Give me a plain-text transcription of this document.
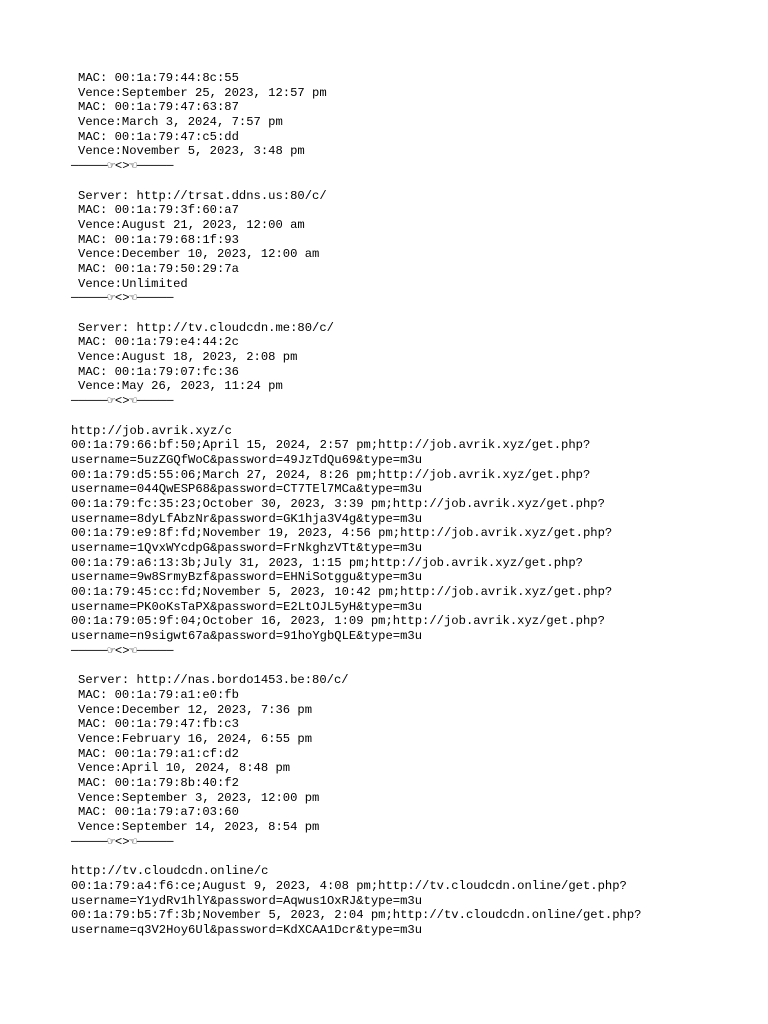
MAC: 00:1a:79:44:8c:55
Vence:September 25, 2023, 12:57 pm
MAC: 00:1a:79:47:63:87
Vence:March 3, 2024, 7:57 pm
MAC: 00:1a:79:47:c5:dd
Vence:November 5, 2023, 3:48 pm
─────☞<>☜─────
Server: http://trsat.ddns.us:80/c/
MAC: 00:1a:79:3f:60:a7
Vence:August 21, 2023, 12:00 am
MAC: 00:1a:79:68:1f:93
Vence:December 10, 2023, 12:00 am
MAC: 00:1a:79:50:29:7a
Vence:Unlimited
─────☞<>☜─────
Server: http://tv.cloudcdn.me:80/c/
MAC: 00:1a:79:e4:44:2c
Vence:August 18, 2023, 2:08 pm
MAC: 00:1a:79:07:fc:36
Vence:May 26, 2023, 11:24 pm
─────☞<>☜─────
http://job.avrik.xyz/c
00:1a:79:66:bf:50;April 15, 2024, 2:57 pm;http://job.avrik.xyz/get.php?
username=5uzZGQfWoC&password=49JzTdQu69&type=m3u
00:1a:79:d5:55:06;March 27, 2024, 8:26 pm;http://job.avrik.xyz/get.php?
username=044QwESP68&password=CT7TEl7MCa&type=m3u
00:1a:79:fc:35:23;October 30, 2023, 3:39 pm;http://job.avrik.xyz/get.php?
username=8dyLfAbzNr&password=GK1hja3V4g&type=m3u
00:1a:79:e9:8f:fd;November 19, 2023, 4:56 pm;http://job.avrik.xyz/get.php?
username=1QvxWYcdpG&password=FrNkghzVTt&type=m3u
00:1a:79:a6:13:3b;July 31, 2023, 1:15 pm;http://job.avrik.xyz/get.php?
username=9w8SrmyBzf&password=EHNiSotggu&type=m3u
00:1a:79:45:cc:fd;November 5, 2023, 10:42 pm;http://job.avrik.xyz/get.php?
username=PK0oKsTaPX&password=E2LtOJL5yH&type=m3u
00:1a:79:05:9f:04;October 16, 2023, 1:09 pm;http://job.avrik.xyz/get.php?
username=n9sigwt67a&password=91hoYgbQLE&type=m3u
─────☞<>☜─────
Server: http://nas.bordo1453.be:80/c/
MAC: 00:1a:79:a1:e0:fb
Vence:December 12, 2023, 7:36 pm
MAC: 00:1a:79:47:fb:c3
Vence:February 16, 2024, 6:55 pm
MAC: 00:1a:79:a1:cf:d2
Vence:April 10, 2024, 8:48 pm
MAC: 00:1a:79:8b:40:f2
Vence:September 3, 2023, 12:00 pm
MAC: 00:1a:79:a7:03:60
Vence:September 14, 2023, 8:54 pm
─────☞<>☜─────
http://tv.cloudcdn.online/c
00:1a:79:a4:f6:ce;August 9, 2023, 4:08 pm;http://tv.cloudcdn.online/get.php?
username=Y1ydRv1hlY&password=Aqwus1OxRJ&type=m3u
00:1a:79:b5:7f:3b;November 5, 2023, 2:04 pm;http://tv.cloudcdn.online/get.php?
username=q3V2Hoy6Ul&password=KdXCAA1Dcr&type=m3u
